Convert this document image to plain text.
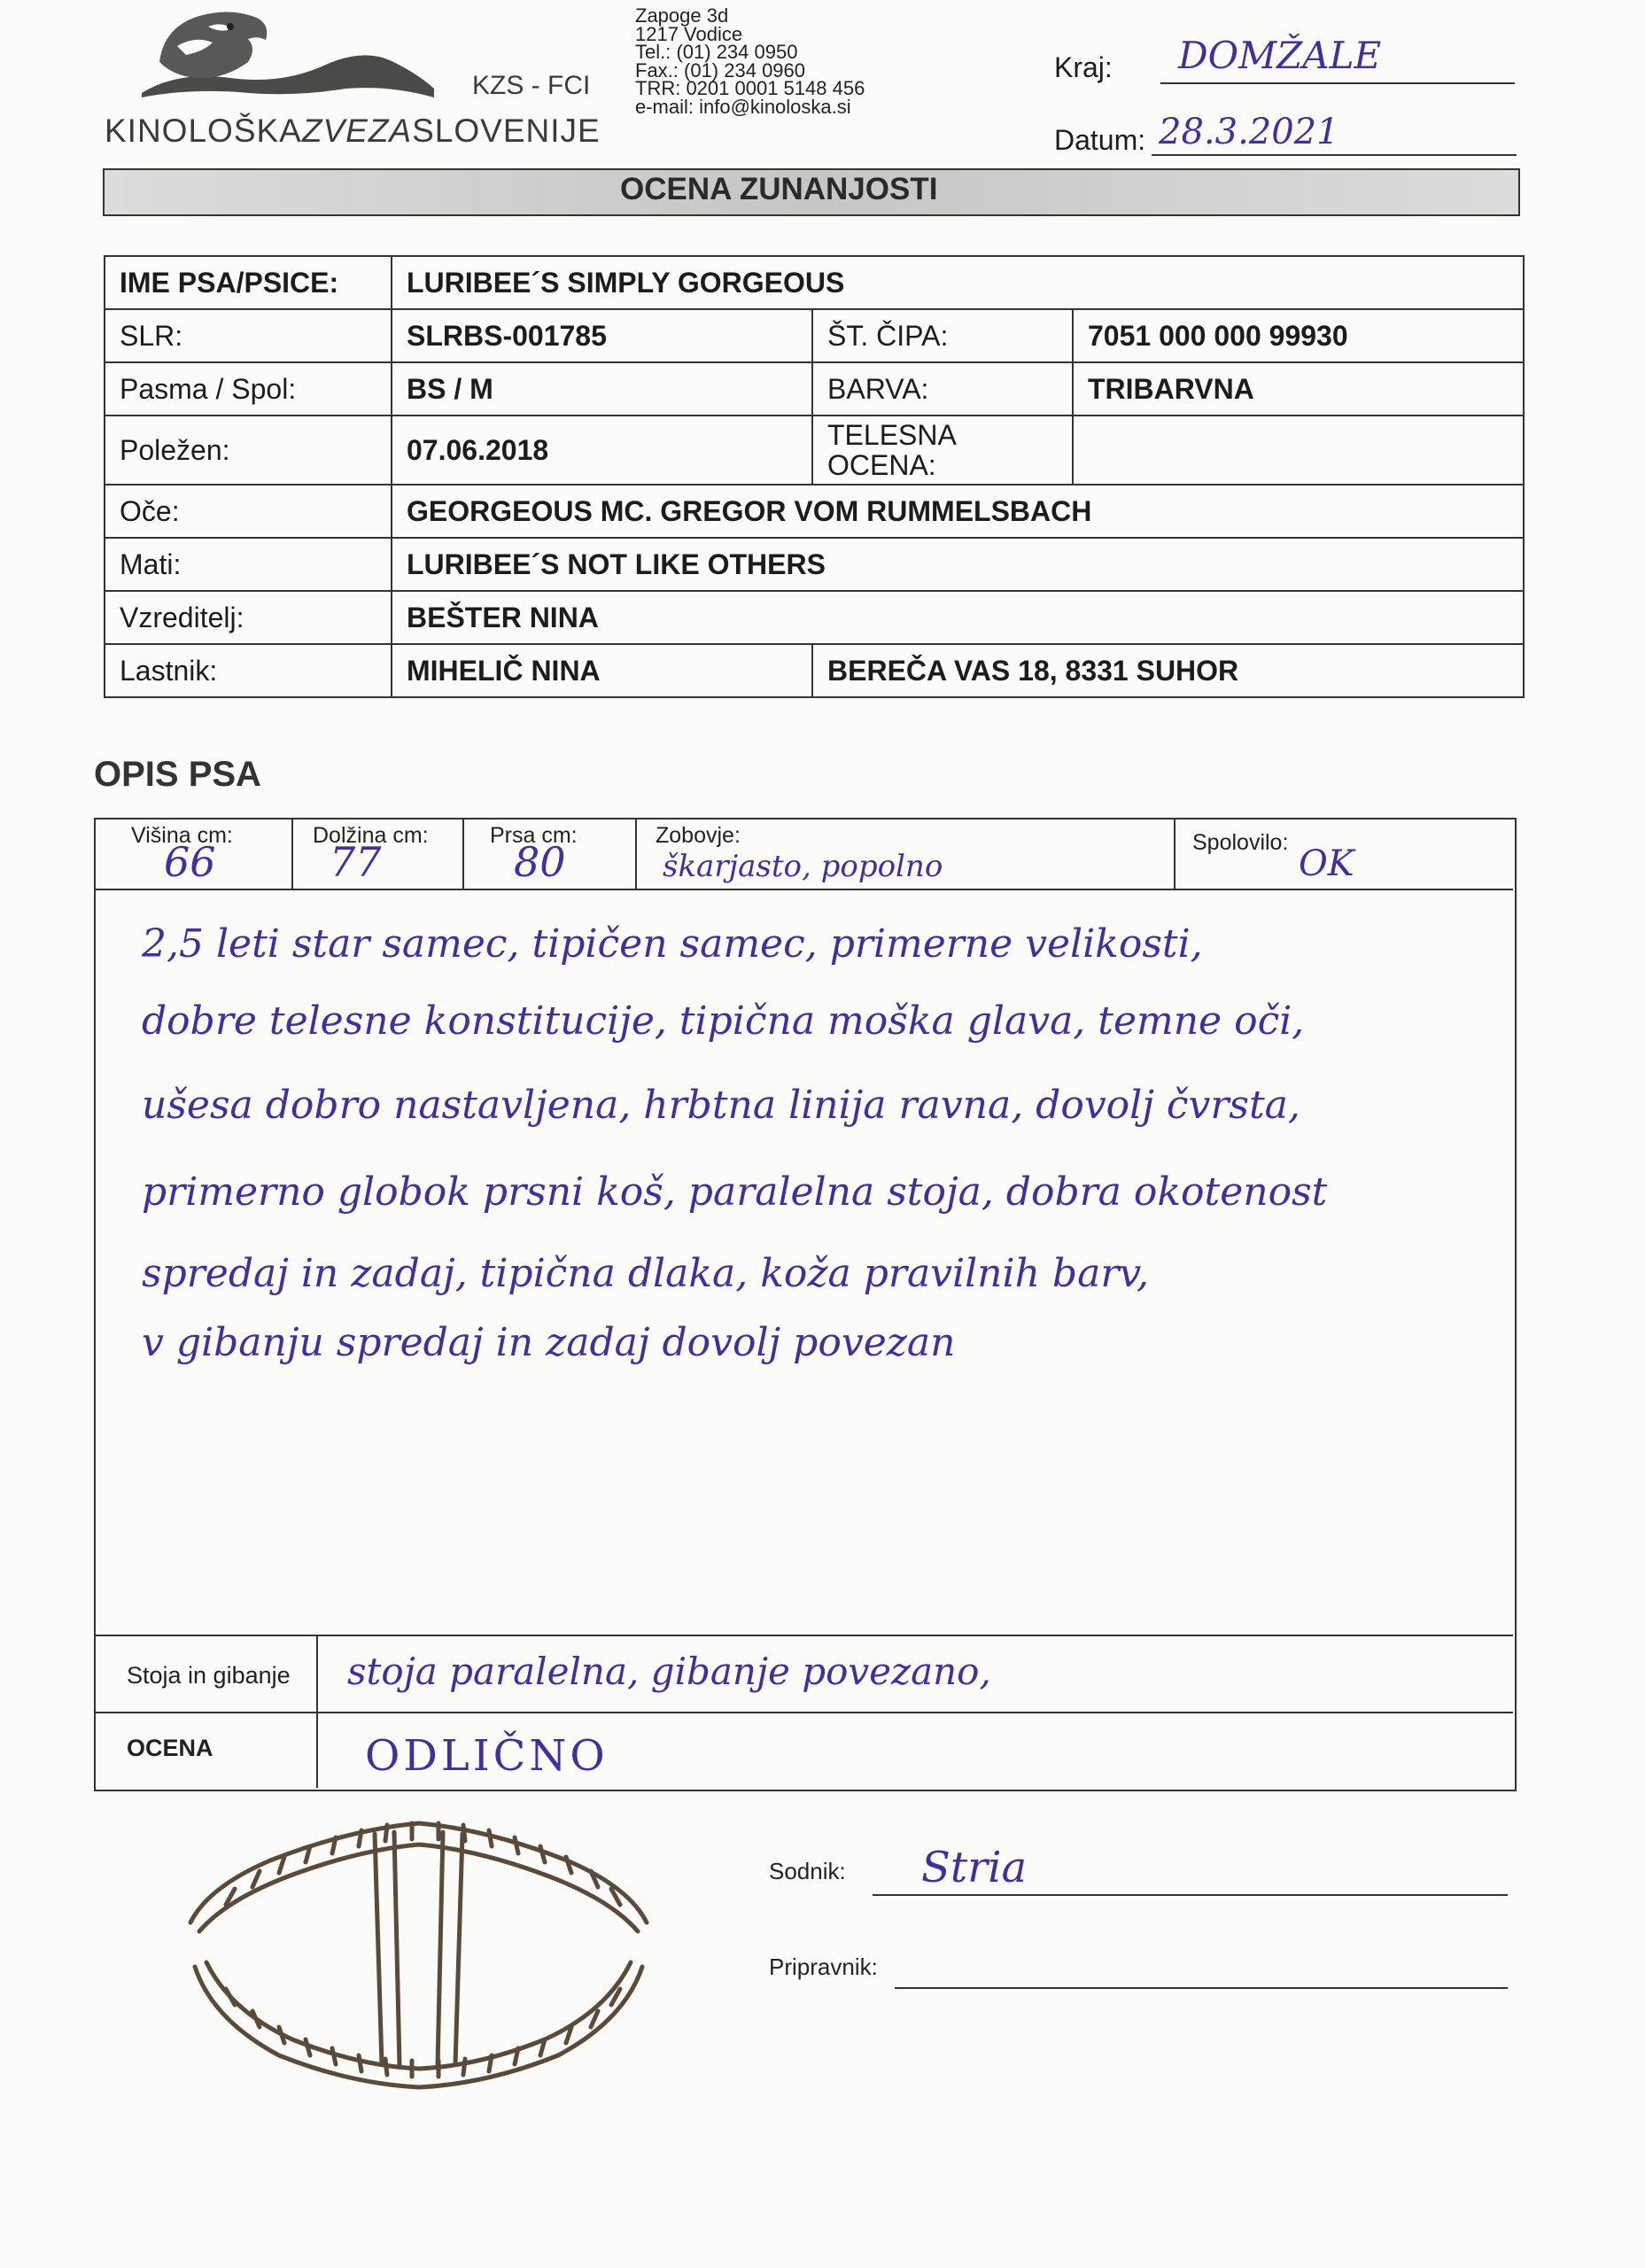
KINOLOŠKAZVEZASLOVENIJE
KZS - FCI
Zapoge 3d
1217 Vodice
Tel.: (01) 234 0950
Fax.: (01) 234 0960
TRR: 0201 0001 5148 456
e-mail: info@kinoloska.si
Kraj: DOMŽALE
Datum: 28.3.2021
OCENA ZUNANJOSTI
IME PSA/PSICE:	LURIBEE´S SIMPLY GORGEOUS		
SLR:	SLRBS-001785	ŠT. ČIPA:	7051 000 000 99930
Pasma / Spol:	BS / M	BARVA:	TRIBARVNA
Poležen:	07.06.2018	TELESNA
OCENA:	

Oče:	GEORGEOUS MC. GREGOR VOM RUMMELSBACH		
Mati:	LURIBEE´S NOT LIKE OTHERS		
Vzreditelj:	BEŠTER NINA		
Lastnik:	MIHELIČ NINA	BEREČA VAS 18, 8331 SUHOR	
OPIS PSA
Višina cm:
66
Dolžina cm:
77
Prsa cm:
80
Zobovje:
škarjasto, popolno
Spolovilo:
OK
2,5 leti star samec, tipičen samec, primerne velikosti,
dobre telesne konstitucije, tipična moška glava, temne oči,
ušesa dobro nastavljena, hrbtna linija ravna, dovolj čvrsta,
primerno globok prsni koš, paralelna stoja, dobra okotenost
spredaj in zadaj, tipična dlaka, koža pravilnih barv,
v gibanju spredaj in zadaj dovolj povezan
Stoja in gibanje stoja paralelna, gibanje povezano,
OCENA	ODLIČNO
Sodnik: Stria
Pripravnik:
